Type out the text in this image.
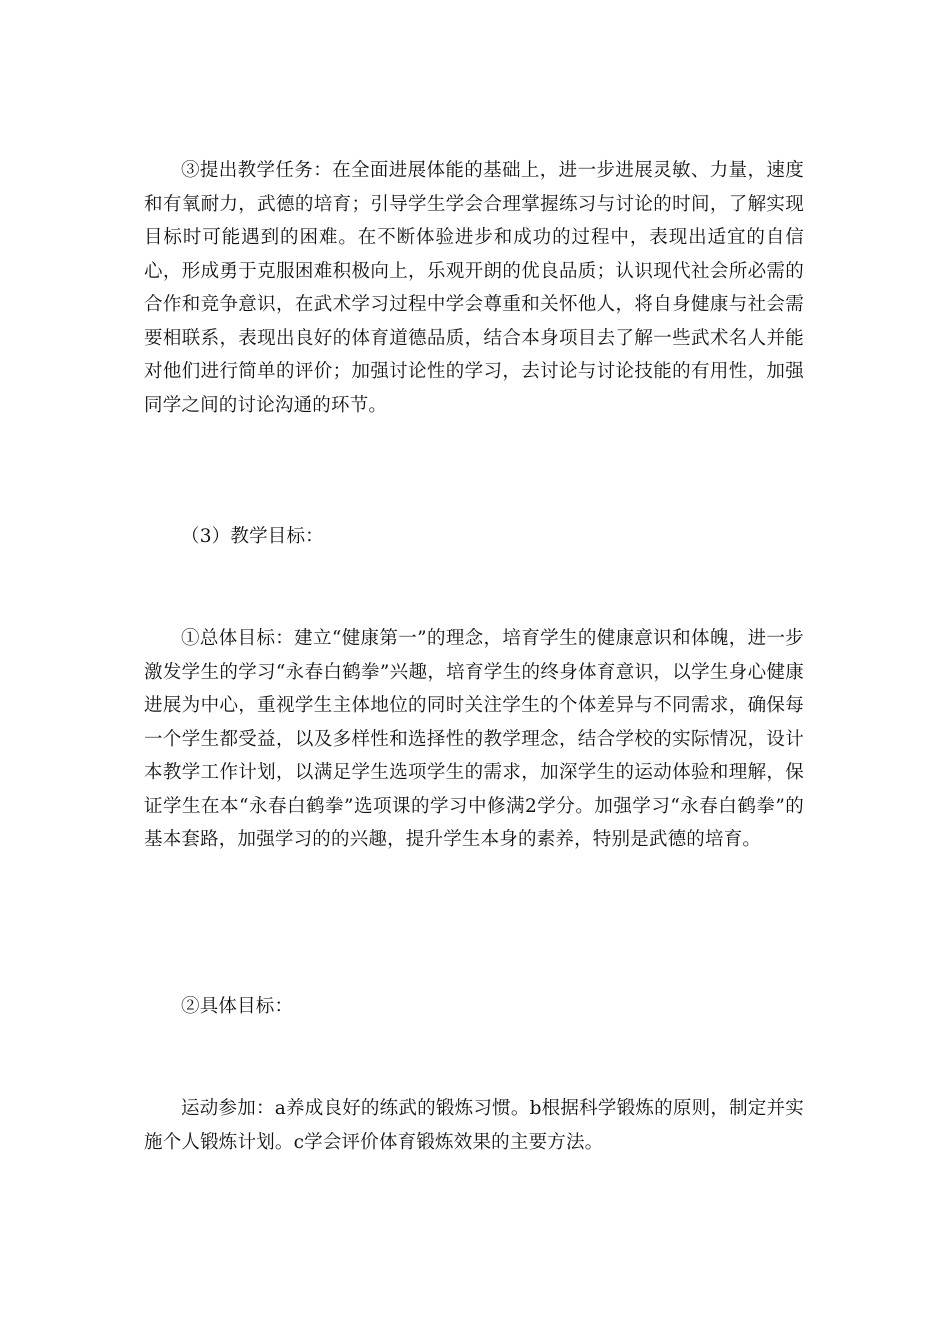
③提出教学任务：在全面进展体能的基础上，进一步进展灵敏、力量，速度和有氧耐力，武德的培育；引导学生学会合理掌握练习与讨论的时间，了解实现目标时可能遇到的困难。在不断体验进步和成功的过程中，表现出适宜的自信心，形成勇于克服困难积极向上，乐观开朗的优良品质；认识现代社会所必需的合作和竞争意识，在武术学习过程中学会尊重和关怀他人，将自身健康与社会需要相联系，表现出良好的体育道德品质，结合本身项目去了解一些武术名人并能对他们进行简单的评价；加强讨论性的学习，去讨论与讨论技能的有用性，加强同学之间的讨论沟通的环节。

（3）教学目标：

①总体目标：建立“健康第一”的理念，培育学生的健康意识和体魄，进一步激发学生的学习“永春白鹤拳”兴趣，培育学生的终身体育意识，以学生身心健康进展为中心，重视学生主体地位的同时关注学生的个体差异与不同需求，确保每一个学生都受益，以及多样性和选择性的教学理念，结合学校的实际情况，设计本教学工作计划，以满足学生选项学生的需求，加深学生的运动体验和理解，保证学生在本“永春白鹤拳”选项课的学习中修满2学分。加强学习“永春白鹤拳”的基本套路，加强学习的的兴趣，提升学生本身的素养，特别是武德的培育。

②具体目标：

运动参加：a养成良好的练武的锻炼习惯。b根据科学锻炼的原则，制定并实施个人锻炼计划。c学会评价体育锻炼效果的主要方法。
